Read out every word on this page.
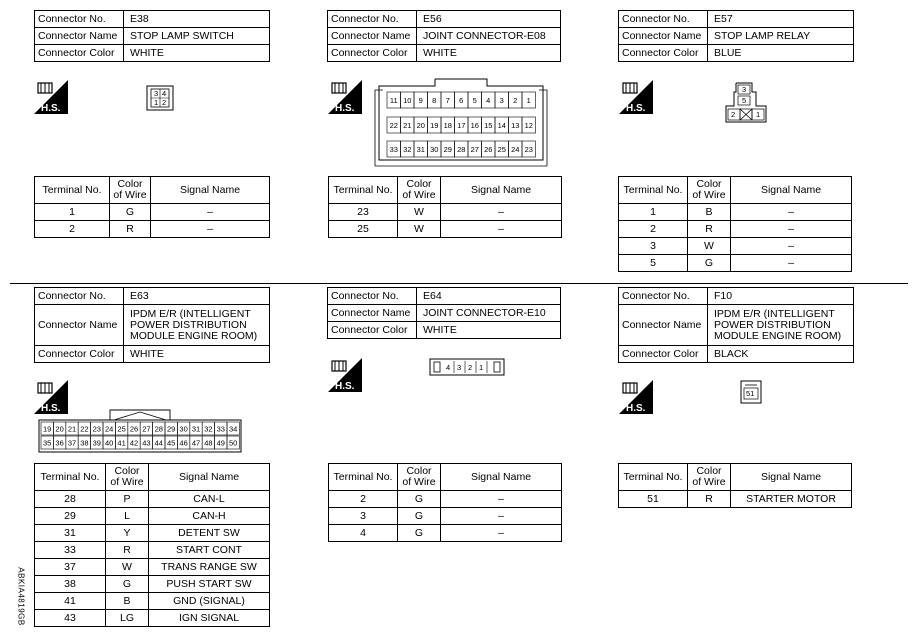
Connector No.	E38
Connector Name	STOP LAMP SWITCH
Connector Color	WHITE
H.S.
3 4
1 2
Terminal No.	Color of Wire	Signal Name
1	G	–
2	R	–
Connector No.	E56
Connector Name	JOINT CONNECTOR-E08
Connector Color	WHITE
H.S.
11 10 9 8 7 6 5 4 3 2 1
22 21 20 19 18 17 16 15 14 13 12
33 32 31 30 29 28 27 26 25 24 23
Terminal No.	Color of Wire	Signal Name
23	W	–
25	W	–
Connector No.	E57
Connector Name	STOP LAMP RELAY
Connector Color	BLUE
H.S.
3
5
2	1
Terminal No.	Color of Wire	Signal Name
1	B	–
2	R	–
3	W	–
5	G	–
Connector No.	E63
Connector Name	IPDM E/R (INTELLIGENT
POWER DISTRIBUTION
MODULE ENGINE ROOM)

Connector Color	WHITE
H.S.
19 20 21 22 23 24 25 26 27 28 29 30 31 32 33 34
35 36 37 38 39 40 41 42 43 44 45 46 47 48 49 50
Terminal No.	Color of Wire	Signal Name
28	P	CAN-L
29	L	CAN-H
31	Y	DETENT SW
33	R	START CONT
37	W	TRANS RANGE SW
38	G	PUSH START SW
41	B	GND (SIGNAL)
43	LG	IGN SIGNAL
Connector No.	E64
Connector Name	JOINT CONNECTOR-E10
Connector Color	WHITE
H.S.
4 3 2 1
Terminal No.	Color of Wire	Signal Name
2	G	–
3	G	–
4	G	–
Connector No.	F10
Connector Name	IPDM E/R (INTELLIGENT
POWER DISTRIBUTION
MODULE ENGINE ROOM)

Connector Color	BLACK
H.S.
51
Terminal No.	Color of Wire	Signal Name
51	R	STARTER MOTOR
ABKIA4819GB
